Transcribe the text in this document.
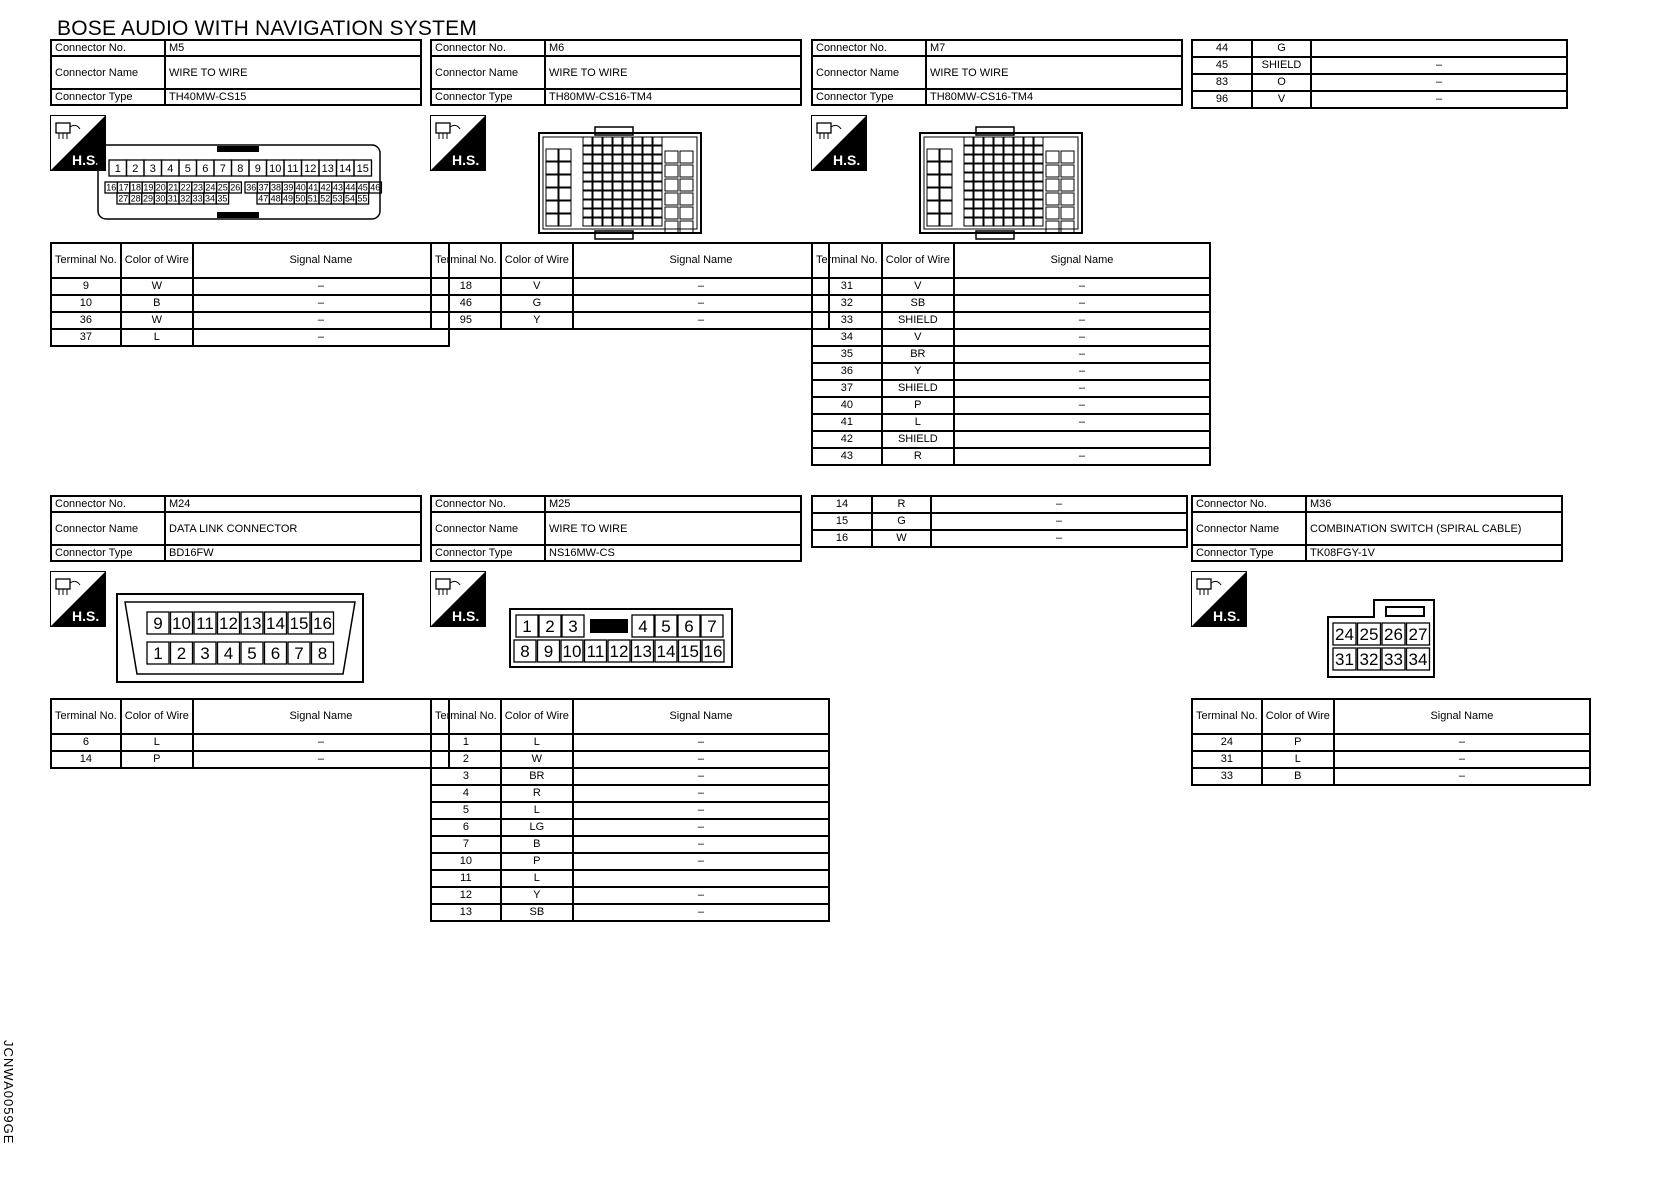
BOSE AUDIO WITH NAVIGATION SYSTEM
JCNWA0059GE
Connector No.	M5
Connector Name	WIRE TO WIRE
Connector Type	TH40MW-CS15
H.S.
1 2 3 4 5 6 7 8 9 10 11 12 13 14 15
16 17 18 19 20 21 22 23 24 25 26
27 28 29 30 31 32 33 34 35
36 37 38 39 40 41 42 43 44 45 46
47 48 49 50 51 52 53 54 55
Terminal No.	Color of Wire	Signal Name
9	W	–
10	B	–
36	W	–
37	L	–
Connector No.	M6
Connector Name	WIRE TO WIRE
Connector Type	TH80MW-CS16-TM4
H.S.
Terminal No.	Color of Wire	Signal Name
18	V	–
46	G	–
95	Y	–
Connector No.	M7
Connector Name	WIRE TO WIRE
Connector Type	TH80MW-CS16-TM4
H.S.
Terminal No.	Color of Wire	Signal Name
31	V	–
32	SB	–
33	SHIELD	–
34	V	–
35	BR	–
36	Y	–
37	SHIELD	–
40	P	–
41	L	–
42	SHIELD	
43	R	–
44	G	
45	SHIELD	–
83	O	–
96	V	–
Connector No.	M24
Connector Name	DATA LINK CONNECTOR
Connector Type	BD16FW
H.S.	9 10 11 12 13 14 15 16
1 2 3 4 5 6 7 8
Terminal No.	Color of Wire	Signal Name
6	L	–
14	P	–
Connector No.	M25
Connector Name	WIRE TO WIRE
Connector Type	NS16MW-CS
H.S.
1 2 3	4 5 6 7
8 9 10 11 12 13 14 15 16
Terminal No.	Color of Wire	Signal Name
1	L	–
2	W	–
3	BR	–
4	R	–
5	L	–
6	LG	–
7	B	–
10	P	–
11	L	
12	Y	–
13	SB	–
14	R	–
15	G	–
16	W	–
Connector No.	M36
Connector Name	COMBINATION SWITCH (SPIRAL CABLE)
Connector Type	TK08FGY-1V
H.S.
24 25 26 27
31 32 33 34
Terminal No.	Color of Wire	Signal Name
24	P	–
31	L	–
33	B	–
